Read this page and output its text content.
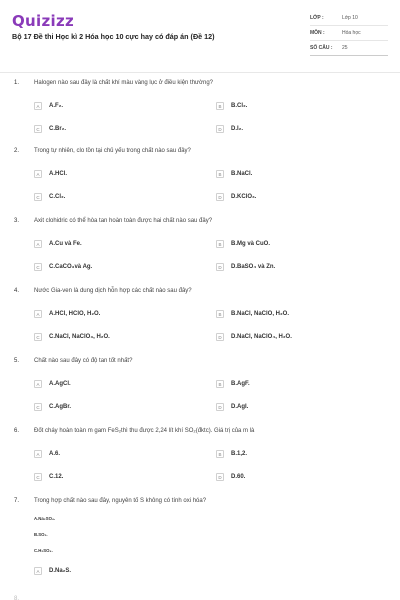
Quizizz
Bộ 17 Đề thi Học kì 2 Hóa học 10 cực hay có đáp án (Đề 12)
LỚP :	Lớp 10
MÔN :	Hóa học
SỐ CÂU :	25
1. Halogen nào sau đây là chất khí màu vàng lục ở điều kiện thường?
A	A.F₂.	B	B.Cl₂.
C	C.Br₂.	D	D.I₂.
2. Trong tự nhiên, clo tồn tại chủ yếu trong chất nào sau đây?
A	A.HCl.	B	B.NaCl.
C	C.Cl₂.	D	D.KClO₃.
3. Axit clohidric có thể hòa tan hoàn toàn được hai chất nào sau đây?
A	A.Cu và Fe.	B	B.Mg và CuO.
C	C.CaCO₃và Ag.	D	D.BaSO₄ và Zn.
4. Nước Gia-ven là dung dịch hỗn hợp các chất nào sau đây?
A	A.HCl, HClO, H₂O.	B	B.NaCl, NaClO, H₂O.
C	C.NaCl, NaClO₃, H₂O.	D	D.NaCl, NaClO₄, H₂O.
5. Chất nào sau đây có độ tan tốt nhất?
A	A.AgCl.	B	B.AgF.
C	C.AgBr.	D	D.AgI.
6. Đốt cháy hoàn toàn m gam FeS₂thì thu được 2,24 lít khí SO₂(đktc). Giá trị của m là
A	A.6.	B	B.1,2.
C	C.12.	D	D.60.
7. Trong hợp chất nào sau đây, nguyên tố S không có tính oxi hóa?
A.Na₂SO₄.
B.SO₂.
C.H₂SO₄.
A	D.Na₂S.
8.
